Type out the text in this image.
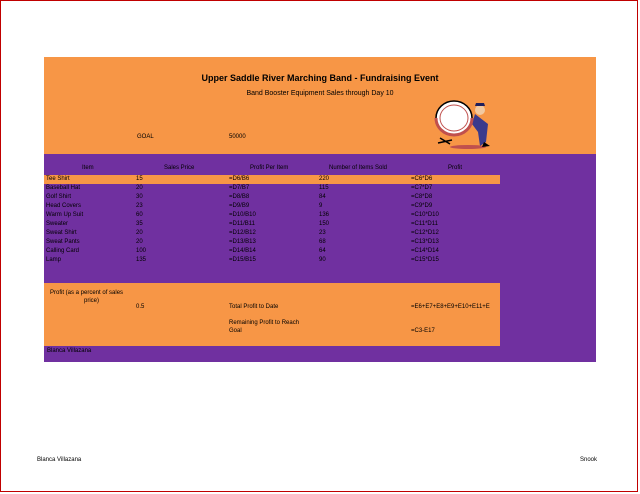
Upper Saddle River Marching Band - Fundraising Event
Band Booster Equipment Sales through Day 10
GOAL	50000
Item	Sales Price	Profit Per Item	Number of Items Sold	Profit
Tee Shirt	15	=D6/B6	220	=C6*D6
Baseball Hat	20	=D7/B7	115	=C7*D7
Golf Shirt	30	=D8/B8	84	=C8*D8
Head Covers	23	=D9/B9	9	=C9*D9
Warm Up Suit	60	=D10/B10	136	=C10*D10
Sweater	35	=D11/B11	150	=C11*D11
Sweat Shirt	20	=D12/B12	23	=C12*D12
Sweat Pants	20	=D13/B13	68	=C13*D13
Calling Card	100	=D14/B14	64	=C14*D14
Lamp	135	=D15/B15	90	=C15*D15
Profit (as a percent of sales
price)
0.5	Total Profit to Date	=E6+E7+E8+E9+E10+E11+E
Remaining Profit to Reach
Goal	=C3-E17
Blanca Villazana
Blanca Villazana	Snook
